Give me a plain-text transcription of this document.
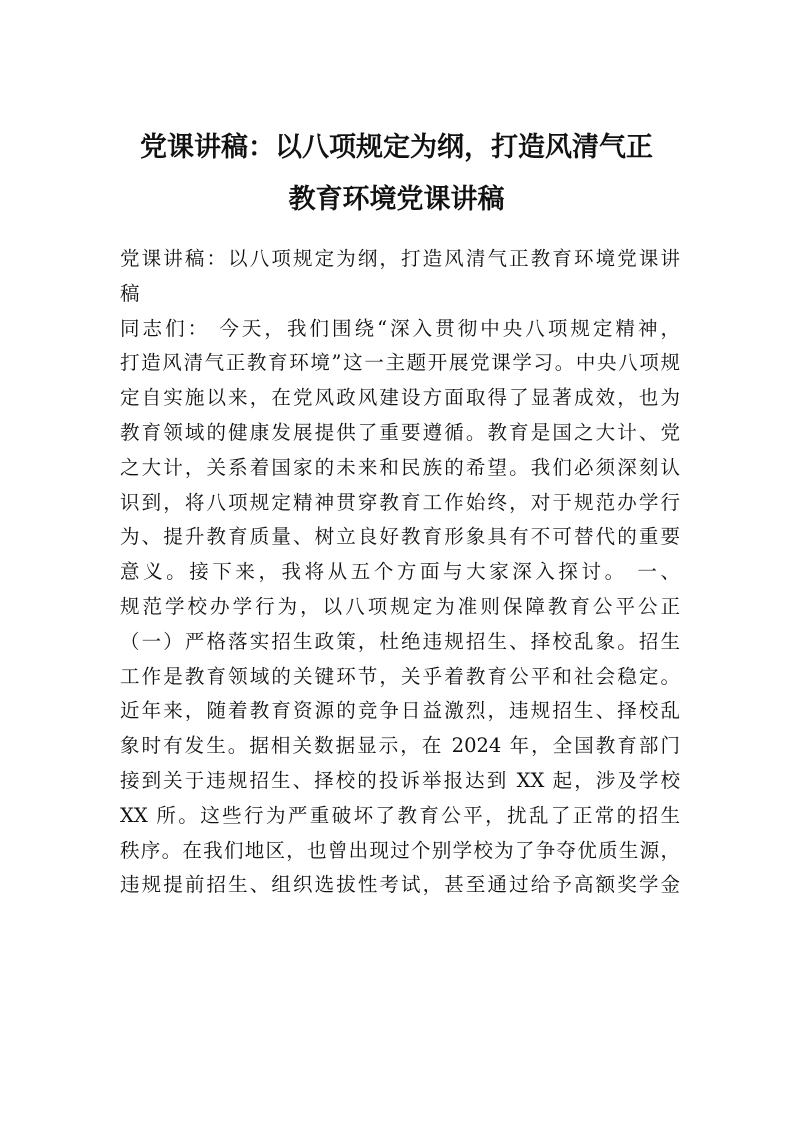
党课讲稿：以八项规定为纲，打造风清气正
教育环境党课讲稿
党课讲稿：以八项规定为纲，打造风清气正教育环境党课讲
稿
同志们： 今天，我们围绕“深入贯彻中央八项规定精神，
打造风清气正教育环境”这一主题开展党课学习。中央八项规
定自实施以来，在党风政风建设方面取得了显著成效，也为
教育领域的健康发展提供了重要遵循。教育是国之大计、党
之大计，关系着国家的未来和民族的希望。我们必须深刻认
识到，将八项规定精神贯穿教育工作始终，对于规范办学行
为、提升教育质量、树立良好教育形象具有不可替代的重要
意义。接下来，我将从五个方面与大家深入探讨。 一、
规范学校办学行为，以八项规定为准则保障教育公平公正
（一）严格落实招生政策，杜绝违规招生、择校乱象。招生
工作是教育领域的关键环节，关乎着教育公平和社会稳定。
近年来，随着教育资源的竞争日益激烈，违规招生、择校乱
象时有发生。据相关数据显示，在 2024 年，全国教育部门
接到关于违规招生、择校的投诉举报达到 XX 起，涉及学校
XX 所。这些行为严重破坏了教育公平，扰乱了正常的招生
秩序。在我们地区，也曾出现过个别学校为了争夺优质生源，
违规提前招生、组织选拔性考试，甚至通过给予高额奖学金
